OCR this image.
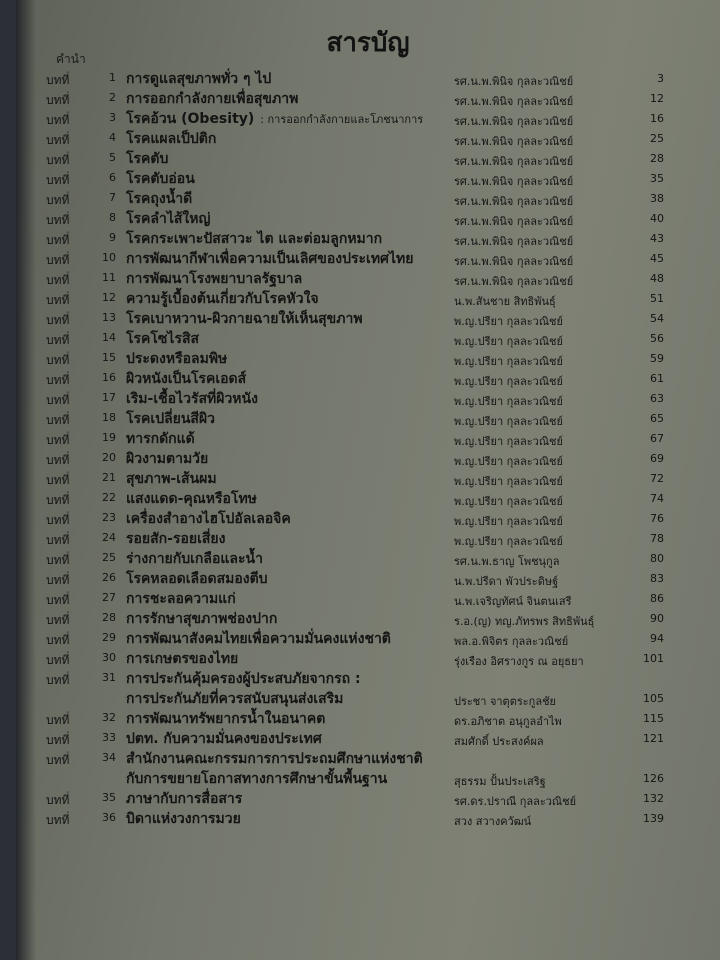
สารบัญ
คำนำ
บทที่	1 การดูแลสุขภาพทั่ว ๆ ไป	รศ.น.พ.พินิจ กุลละวณิชย์	3
บทที่	2 การออกกำลังกายเพื่อสุขภาพ	รศ.น.พ.พินิจ กุลละวณิชย์	12
บทที่	3 โรคอ้วน (Obesity) : การออกกำลังกายและโภชนาการ	รศ.น.พ.พินิจ กุลละวณิชย์	16
บทที่	4 โรคแผลเป็ปติก	รศ.น.พ.พินิจ กุลละวณิชย์	25
บทที่	5 โรคตับ	รศ.น.พ.พินิจ กุลละวณิชย์	28
บทที่	6 โรคตับอ่อน	รศ.น.พ.พินิจ กุลละวณิชย์	35
บทที่	7 โรคถุงน้ำดี	รศ.น.พ.พินิจ กุลละวณิชย์	38
บทที่	8 โรคลำไส้ใหญ่	รศ.น.พ.พินิจ กุลละวณิชย์	40
บทที่	9 โรคกระเพาะปัสสาวะ ไต และต่อมลูกหมาก	รศ.น.พ.พินิจ กุลละวณิชย์	43
บทที่	10 การพัฒนากีฬาเพื่อความเป็นเลิศของประเทศไทย	รศ.น.พ.พินิจ กุลละวณิชย์	45
บทที่	11 การพัฒนาโรงพยาบาลรัฐบาล	รศ.น.พ.พินิจ กุลละวณิชย์	48
บทที่	12 ความรู้เบื้องต้นเกี่ยวกับโรคหัวใจ	น.พ.สันชาย สิทธิพันธุ์	51
บทที่	13 โรคเบาหวาน-ผิวกายฉายให้เห็นสุขภาพ	พ.ญ.ปรียา กุลละวณิชย์	54
บทที่	14 โรคโซไรสิส	พ.ญ.ปรียา กุลละวณิชย์	56
บทที่	15 ประดงหรือลมพิษ	พ.ญ.ปรียา กุลละวณิชย์	59
บทที่	16 ผิวหนังเป็นโรคเอดส์	พ.ญ.ปรียา กุลละวณิชย์	61
บทที่	17 เริม-เชื้อไวรัสที่ผิวหนัง	พ.ญ.ปรียา กุลละวณิชย์	63
บทที่	18 โรคเปลี่ยนสีผิว	พ.ญ.ปรียา กุลละวณิชย์	65
บทที่	19 ทารกดักแด้	พ.ญ.ปรียา กุลละวณิชย์	67
บทที่	20 ผิวงามตามวัย	พ.ญ.ปรียา กุลละวณิชย์	69
บทที่	21 สุขภาพ-เส้นผม	พ.ญ.ปรียา กุลละวณิชย์	72
บทที่	22 แสงแดด-คุณหรือโทษ	พ.ญ.ปรียา กุลละวณิชย์	74
บทที่	23 เครื่องสำอางไฮโปอัลเลอจิค	พ.ญ.ปรียา กุลละวณิชย์	76
บทที่	24 รอยสัก-รอยเสี่ยง	พ.ญ.ปรียา กุลละวณิชย์	78
บทที่	25 ร่างกายกับเกลือและน้ำ	รศ.น.พ.ธาญ โพชนุกูล	80
บทที่	26 โรคหลอดเลือดสมองตีบ	น.พ.ปรีดา พัวประดิษฐ์	83
บทที่	27 การชะลอความแก่	น.พ.เจริญทัศน์ จินตนเสรี	86
บทที่	28 การรักษาสุขภาพช่องปาก	ร.อ.(ญ) ทญ.ภัทรพร สิทธิพันธุ์	90
บทที่	29 การพัฒนาสังคมไทยเพื่อความมั่นคงแห่งชาติ	พล.อ.พิจิตร กุลละวณิชย์	94
บทที่	30 การเกษตรของไทย	รุ่งเรือง อิศรางกูร ณ อยุธยา	101
บทที่	31 การประกันคุ้มครองผู้ประสบภัยจากรถ :
การประกันภัยที่ควรสนับสนุนส่งเสริม	ประชา จาตุตระกูลชัย	105
บทที่	32 การพัฒนาทรัพยากรน้ำในอนาคต	ดร.อภิชาต อนุกูลอำไพ	115
บทที่	33 ปตท. กับความมั่นคงของประเทศ	สมศักดิ์ ประสงค์ผล	121
บทที่	34 สำนักงานคณะกรรมการการประถมศึกษาแห่งชาติ
กับการขยายโอกาสทางการศึกษาขั้นพื้นฐาน	สุธรรม ปั้นประเสริฐ	126
บทที่	35 ภาษากับการสื่อสาร	รศ.ดร.ปราณี กุลละวณิชย์	132
บทที่	36 บิดาแห่งวงการมวย	สวง สวางควัฒน์	139
